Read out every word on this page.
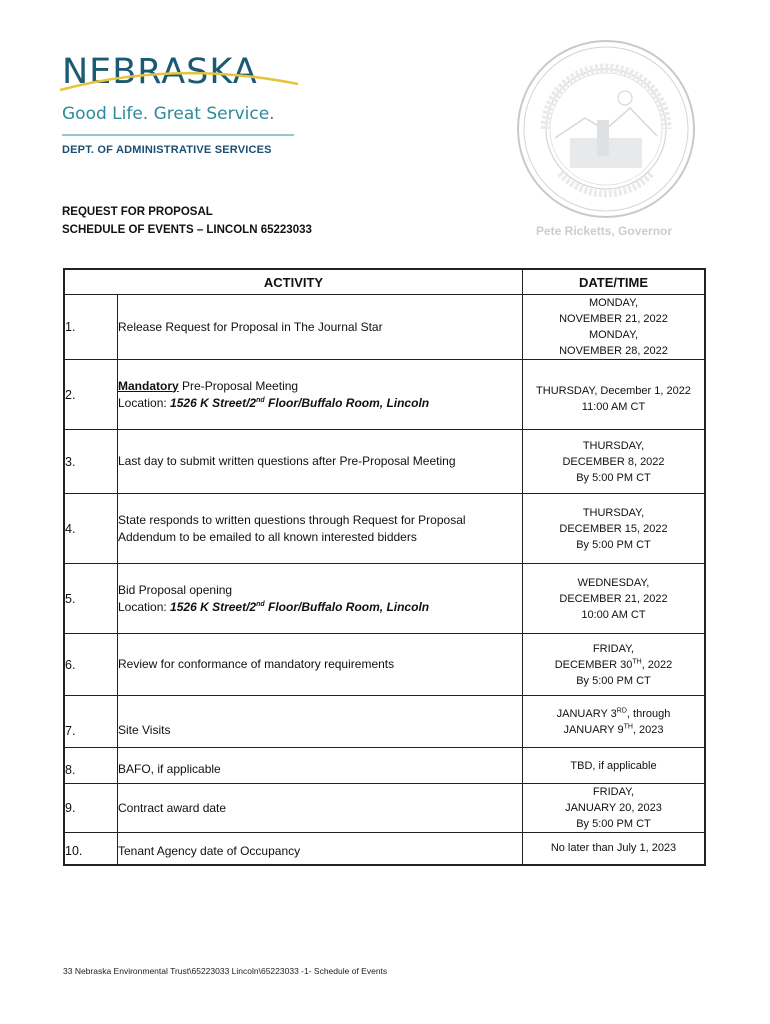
NEBRASKA
Good Life. Great Service.
DEPT. OF ADMINISTRATIVE SERVICES
Pete Ricketts, Governor
REQUEST FOR PROPOSAL
SCHEDULE OF EVENTS – LINCOLN 65223033
ACTIVITY		DATE/TIME
1.	Release Request for Proposal in The Journal Star	MONDAY,
NOVEMBER 21, 2022
MONDAY,
NOVEMBER 28, 2022

2.	Mandatory Pre-Proposal Meeting
Location: 1526 K Street/2nd Floor/Buffalo Room, Lincoln	THURSDAY, December 1, 2022
11:00 AM CT

3.	Last day to submit written questions after Pre-Proposal Meeting	THURSDAY,
DECEMBER 8, 2022
By 5:00 PM CT

4.	State responds to written questions through Request for Proposal
Addendum to be emailed to all known interested bidders	THURSDAY,
DECEMBER 15, 2022
By 5:00 PM CT

5.	Bid Proposal opening
Location: 1526 K Street/2nd Floor/Buffalo Room, Lincoln	WEDNESDAY,
DECEMBER 21, 2022
10:00 AM CT

6.	Review for conformance of mandatory requirements	FRIDAY,
DECEMBER 30TH, 2022
By 5:00 PM CT

7.	Site Visits	JANUARY 3RD, through
JANUARY 9TH, 2023

8.	BAFO, if applicable	TBD, if applicable

9.	Contract award date	FRIDAY,
JANUARY 20, 2023
By 5:00 PM CT

10.	Tenant Agency date of Occupancy	No later than July 1, 2023
33 Nebraska Environmental Trust\65223033 Lincoln\65223033 -1- Schedule of Events
